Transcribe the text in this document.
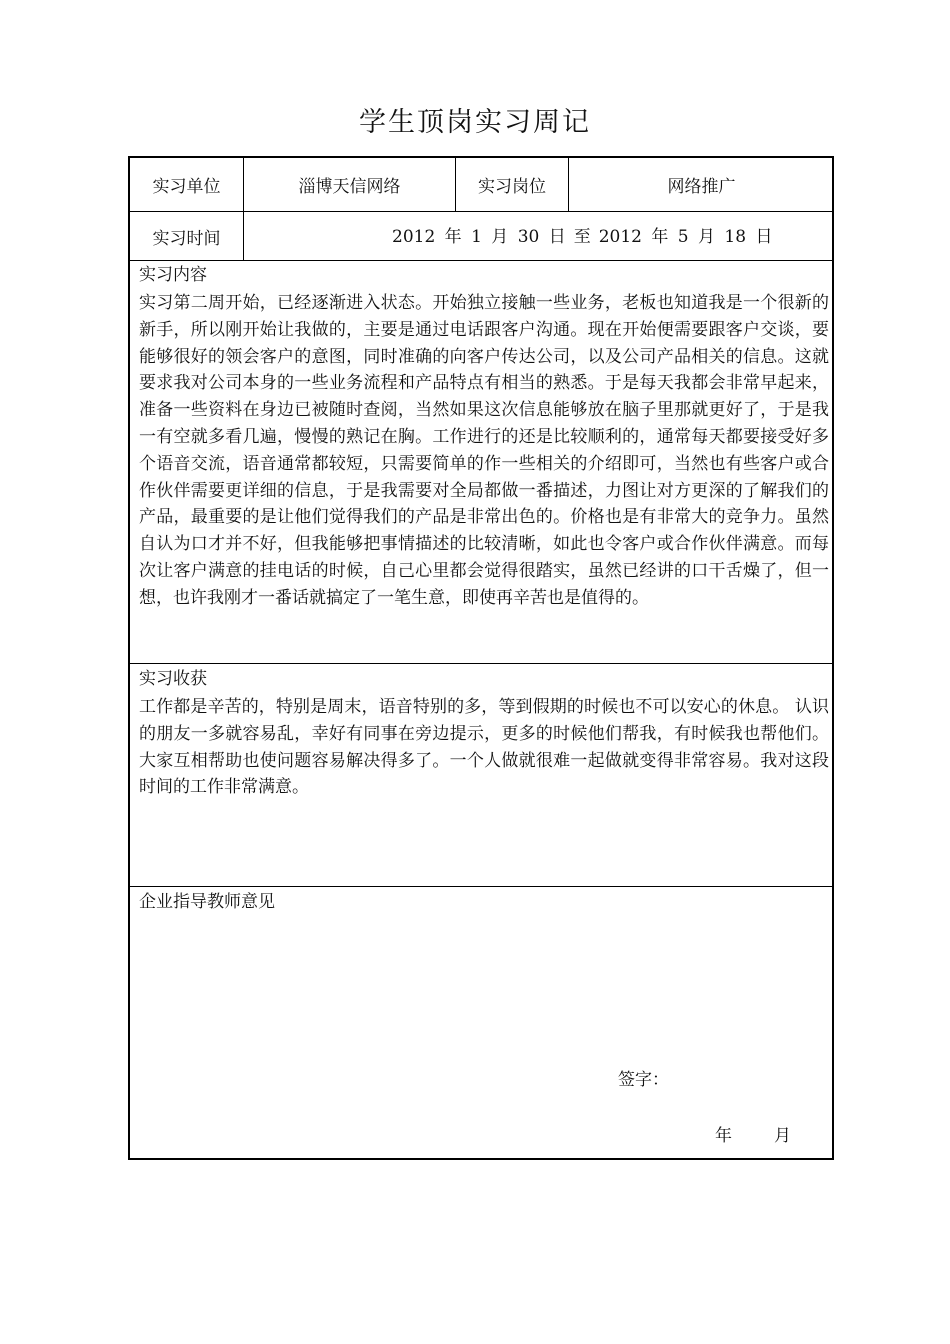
学生顶岗实习周记
实习单位	淄博天信网络	实习岗位	网络推广
实习时间	2012 年 1 月 30 日 至 2012 年 5 月 18 日
实习内容
实习第二周开始，已经逐渐进入状态。开始独立接触一些业务，老板也知道我是一个很新的新手，所以刚开始让我做的，主要是通过电话跟客户沟通。现在开始便需要跟客户交谈，要能够很好的领会客户的意图，同时准确的向客户传达公司，以及公司产品相关的信息。这就要求我对公司本身的一些业务流程和产品特点有相当的熟悉。于是每天我都会非常早起来，准备一些资料在身边已被随时查阅，当然如果这次信息能够放在脑子里那就更好了，于是我一有空就多看几遍，慢慢的熟记在胸。工作进行的还是比较顺利的，通常每天都要接受好多个语音交流，语音通常都较短，只需要简单的作一些相关的介绍即可，当然也有些客户或合作伙伴需要更详细的信息，于是我需要对全局都做一番描述，力图让对方更深的了解我们的产品，最重要的是让他们觉得我们的产品是非常出色的。价格也是有非常大的竞争力。虽然自认为口才并不好，但我能够把事情描述的比较清晰，如此也令客户或合作伙伴满意。而每次让客户满意的挂电话的时候，自己心里都会觉得很踏实，虽然已经讲的口干舌燥了，但一想，也许我刚才一番话就搞定了一笔生意，即使再辛苦也是值得的。
实习收获
工作都是辛苦的，特别是周末，语音特别的多，等到假期的时候也不可以安心的休息。 认识的朋友一多就容易乱，幸好有同事在旁边提示，更多的时候他们帮我，有时候我也帮他们。大家互相帮助也使问题容易解决得多了。一个人做就很难一起做就变得非常容易。我对这段时间的工作非常满意。
企业指导教师意见
签字：
年 月
